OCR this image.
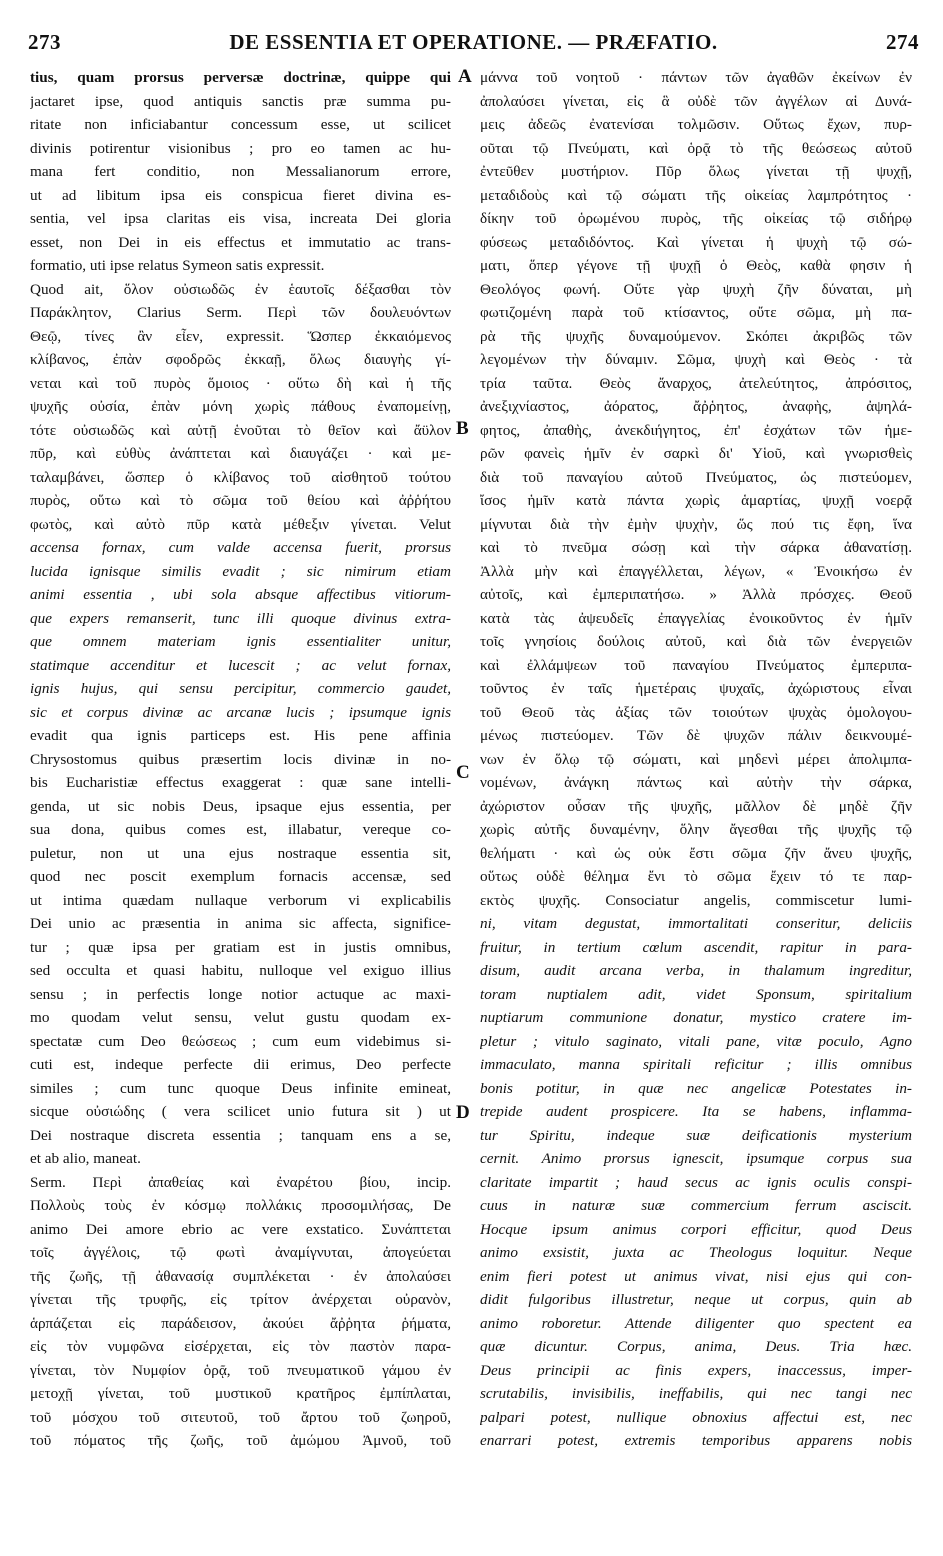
273	DE ESSENTIA ET OPERATIONE. — PRÆFATIO.	274
tius, quam prorsus perversæ doctrinæ, quippe qui
jactaret ipse, quod antiquis sanctis præ summa pu-
ritate non inficiabantur concessum esse, ut scilicet
divinis potirentur visionibus ; pro eo tamen ac hu-
mana fert conditio, non Messalianorum errore,
ut ad libitum ipsa eis conspicua fieret divina es-
sentia, vel ipsa claritas eis visa, increata Dei gloria
esset, non Dei in eis effectus et immutatio ac trans-
formatio, uti ipse relatus Symeon satis expressit.
Quod ait, ὅλον οὐσιωδῶς ἐν ἑαυτοῖς δέξασθαι τὸν
Παράκλητον, Clarius Serm. Περὶ τῶν δουλευόντων
Θεῷ, τίνες ἂν εἶεν, expressit. Ὥσπερ ἐκκαιόμενος
κλίβανος, ἐπὰν σφοδρῶς ἐκκαῇ, ὅλως διαυγὴς γί-
νεται καὶ τοῦ πυρὸς ὅμοιος · οὕτω δὴ καὶ ἡ τῆς
ψυχῆς οὐσία, ἐπὰν μόνη χωρὶς πάθους ἐναπομείνῃ,
τότε οὐσιωδῶς καὶ αὐτῇ ἑνοῦται τὸ θεῖον καὶ ἄϋλον
πῦρ, καὶ εὐθὺς ἀνάπτεται καὶ διαυγάζει · καὶ με-
ταλαμβάνει, ὥσπερ ὁ κλίβανος τοῦ αἰσθητοῦ τούτου
πυρὸς, οὕτω καὶ τὸ σῶμα τοῦ θείου καὶ ἀῤῥήτου
φωτὸς, καὶ αὐτὸ πῦρ κατὰ μέθεξιν γίνεται. Velut
accensa fornax, cum valde accensa fuerit, prorsus
lucida ignisque similis evadit ; sic nimirum etiam
animi essentia , ubi sola absque affectibus vitiorum-
que expers remanserit, tunc illi quoque divinus extra-
que omnem materiam ignis essentialiter unitur,
statimque accenditur et lucescit ; ac velut fornax,
ignis hujus, qui sensu percipitur, commercio gaudet,
sic et corpus divinæ ac arcanæ lucis ; ipsumque ignis
evadit qua ignis particeps est. His pene affinia
Chrysostomus quibus præsertim locis divinæ in no-
bis Eucharistiæ effectus exaggerat : quæ sane intelli-
genda, ut sic nobis Deus, ipsaque ejus essentia, per
sua dona, quibus comes est, illabatur, vereque co-
puletur, non ut una ejus nostraque essentia sit,
quod nec poscit exemplum fornacis accensæ, sed
ut intima quædam nullaque verborum vi explicabilis
Dei unio ac præsentia in anima sic affecta, significe-
tur ; quæ ipsa per gratiam est in justis omnibus,
sed occulta et quasi habitu, nulloque vel exiguo illius
sensu ; in perfectis longe notior actuque ac maxi-
mo quodam velut sensu, velut gustu quodam ex-
spectatæ cum Deo θεώσεως ; cum eum videbimus si-
cuti est, indeque perfecte dii erimus, Deo perfecte
similes ; cum tunc quoque Deus infinite emineat,
sicque οὐσιώδης ( vera scilicet unio futura sit ) ut
Dei nostraque discreta essentia ; tanquam ens a se,
et ab alio, maneat.
Serm. Περὶ ἀπαθείας καὶ ἐναρέτου βίου, incip.
Πολλοὺς τοὺς ἐν κόσμῳ πολλάκις προσομιλήσας, De
animo Dei amore ebrio ac vere exstatico. Συνάπτεται
τοῖς ἀγγέλοις, τῷ φωτὶ ἀναμίγνυται, ἀπογεύεται
τῆς ζωῆς, τῇ ἀθανασίᾳ συμπλέκεται · ἐν ἀπολαύσει
γίνεται τῆς τρυφῆς, εἰς τρίτον ἀνέρχεται οὐρανὸν,
ἁρπάζεται εἰς παράδεισον, ἀκούει ἄῤῥητα ῥήματα,
εἰς τὸν νυμφῶνα εἰσέρχεται, εἰς τὸν παστὸν παρα-
γίνεται, τὸν Νυμφίον ὁρᾷ, τοῦ πνευματικοῦ γάμου ἐν
μετοχῇ γίνεται, τοῦ μυστικοῦ κρατῆρος ἐμπίπλαται,
τοῦ μόσχου τοῦ σιτευτοῦ, τοῦ ἄρτου τοῦ ζωηροῦ,
τοῦ πόματος τῆς ζωῆς, τοῦ ἀμώμου Ἀμνοῦ, τοῦ
μάννα τοῦ νοητοῦ · πάντων τῶν ἀγαθῶν ἐκείνων ἐν
ἀπολαύσει γίνεται, εἰς ἃ οὐδὲ τῶν ἀγγέλων αἱ Δυνά-
μεις ἀδεῶς ἐνατενίσαι τολμῶσιν. Οὕτως ἔχων, πυρ-
οῦται τῷ Πνεύματι, καὶ ὁρᾷ τὸ τῆς θεώσεως αὐτοῦ
ἐντεῦθεν μυστήριον. Πῦρ ὅλως γίνεται τῇ ψυχῇ,
μεταδιδοὺς καὶ τῷ σώματι τῆς οἰκείας λαμπρότητος ·
δίκην τοῦ ὁρωμένου πυρὸς, τῆς οἰκείας τῷ σιδήρῳ
φύσεως μεταδιδόντος. Καὶ γίνεται ἡ ψυχὴ τῷ σώ-
ματι, ὅπερ γέγονε τῇ ψυχῇ ὁ Θεὸς, καθὰ φησιν ἡ
Θεολόγος φωνή. Οὔτε γὰρ ψυχὴ ζῆν δύναται, μὴ
φωτιζομένη παρὰ τοῦ κτίσαντος, οὔτε σῶμα, μὴ πα-
ρὰ τῆς ψυχῆς δυναμούμενον. Σκόπει ἀκριβῶς τῶν
λεγομένων τὴν δύναμιν. Σῶμα, ψυχὴ καὶ Θεὸς · τὰ
τρία ταῦτα. Θεὸς ἄναρχος, ἀτελεύτητος, ἀπρόσιτος,
ἀνεξιχνίαστος, ἀόρατος, ἄῤῥητος, ἀναφὴς, ἀψηλά-
φητος, ἀπαθὴς, ἀνεκδιήγητος, ἐπ' ἐσχάτων τῶν ἡμε-
ρῶν φανεὶς ἡμῖν ἐν σαρκὶ δι' Υἱοῦ, καὶ γνωρισθεὶς
διὰ τοῦ παναγίου αὐτοῦ Πνεύματος, ὡς πιστεύομεν,
ἴσος ἡμῖν κατὰ πάντα χωρὶς ἁμαρτίας, ψυχῇ νοερᾷ
μίγνυται διὰ τὴν ἐμὴν ψυχὴν, ὥς πού τις ἔφη, ἵνα
καὶ τὸ πνεῦμα σώσῃ καὶ τὴν σάρκα ἀθανατίσῃ.
Ἀλλὰ μὴν καὶ ἐπαγγέλλεται, λέγων, « Ἐνοικήσω ἐν
αὐτοῖς, καὶ ἐμπεριπατήσω. » Ἀλλὰ πρόσχες. Θεοῦ
κατὰ τὰς ἀψευδεῖς ἐπαγγελίας ἐνοικοῦντος ἐν ἡμῖν
τοῖς γνησίοις δούλοις αὐτοῦ, καὶ διὰ τῶν ἐνεργειῶν
καὶ ἐλλάμψεων τοῦ παναγίου Πνεύματος ἐμπεριπα-
τοῦντος ἐν ταῖς ἡμετέραις ψυχαῖς, ἀχώριστους εἶναι
τοῦ Θεοῦ τὰς ἀξίας τῶν τοιούτων ψυχὰς ὁμολογου-
μένως πιστεύομεν. Τῶν δὲ ψυχῶν πάλιν δεικνουμέ-
νων ἐν ὅλῳ τῷ σώματι, καὶ μηδενὶ μέρει ἀπολιμπα-
νομένων, ἀνάγκη πάντως καὶ αὐτὴν τὴν σάρκα,
ἀχώριστον οὖσαν τῆς ψυχῆς, μᾶλλον δὲ μηδὲ ζῆν
χωρὶς αὐτῆς δυναμένην, ὅλην ἄγεσθαι τῆς ψυχῆς τῷ
θελήματι · καὶ ὡς οὐκ ἔστι σῶμα ζῆν ἄνευ ψυχῆς,
οὕτως οὐδὲ θέλημα ἔνι τὸ σῶμα ἔχειν τό τε παρ-
εκτὸς ψυχῆς. Consociatur angelis, commiscetur lumi-
ni, vitam degustat, immortalitati conseritur, deliciis
fruitur, in tertium cœlum ascendit, rapitur in para-
disum, audit arcana verba, in thalamum ingreditur,
toram nuptialem adit, videt Sponsum, spiritalium
nuptiarum communione donatur, mystico cratere im-
pletur ; vitulo saginato, vitali pane, vitæ poculo, Agno
immaculato, manna spiritali reficitur ; illis omnibus
bonis potitur, in quæ nec angelicæ Potestates in-
trepide audent prospicere. Ita se habens, inflamma-
tur Spiritu, indeque suæ deificationis mysterium
cernit. Animo prorsus ignescit, ipsumque corpus sua
claritate impartit ; haud secus ac ignis oculis conspi-
cuus in naturæ suæ commercium ferrum asciscit.
Hocque ipsum animus corpori efficitur, quod Deus
animo exsistit, juxta ac Theologus loquitur. Neque
enim fieri potest ut animus vivat, nisi ejus qui con-
didit fulgoribus illustretur, neque ut corpus, quin ab
animo roboretur. Attende diligenter quo spectent ea
quæ dicuntur. Corpus, anima, Deus. Tria hæc.
Deus principii ac finis expers, inaccessus, imper-
scrutabilis, invisibilis, ineffabilis, qui nec tangi nec
palpari potest, nullique obnoxius affectui est, nec
enarrari potest, extremis temporibus apparens nobis
A
B
C
D
